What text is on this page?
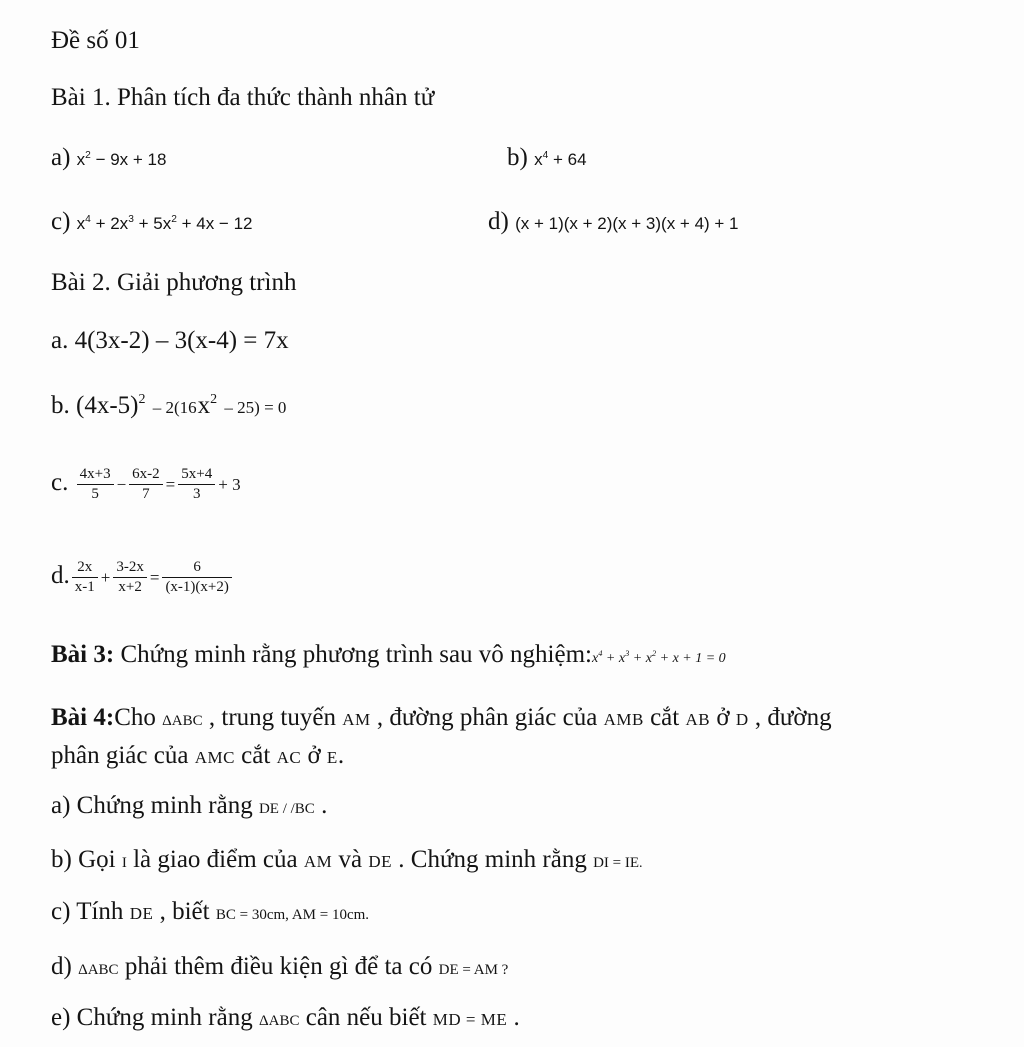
Đề số 01
Bài 1. Phân tích đa thức thành nhân tử
a) $x^2 - 9x + 18$	b) $x^4 + 64$
c) $x^4 + 2x^3 + 5x^2 + 4x - 12$	d) (x + 1)(x + 2)(x + 3)(x + 4) + 1
Bài 2. Giải phương trình
a. 4(3x-2) – 3(x-4) = 7x
b. $(4x-5)^2 - 2(16x^2 - 25) = 0$
c. $\frac{4x+3}{5} - \frac{6x-2}{7} = \frac{5x+4}{3} + 3$
d. $\frac{2x}{x-1} + \frac{3-2x}{x+2} = \frac{6}{(x-1)(x+2)}$
Bài 3: Chứng minh rằng phương trình sau vô $nghiệm:x^4 + x^3 + x^2 + x + 1 = 0$
Bài 4:Cho ΔABC , trung tuyến AM , đường phân giác của AMB cắt AB ở D , đường
phân giác của AMC cắt AC ở E.
a) Chứng minh rằng DE / /BC .
b) Gọi I là giao điểm của AM và DE . Chứng minh rằng DI = IE.
c) Tính DE , biết BC = 30cm, AM = 10cm.
d) ΔABC phải thêm điều kiện gì để ta có DE = AM ?
e) Chứng minh rằng ΔABC cân nếu biết MD = ME .
